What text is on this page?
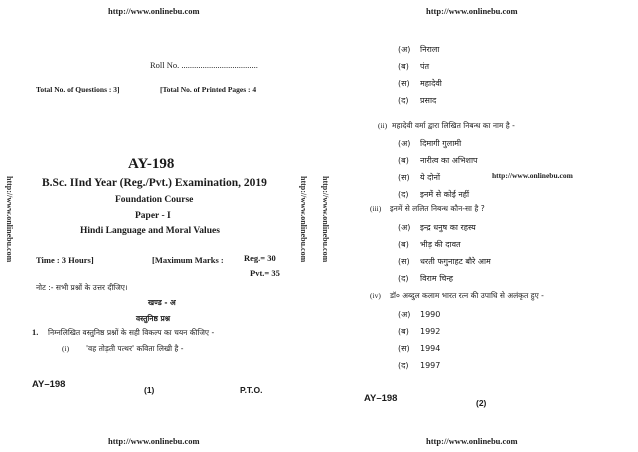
http://www.onlinebu.com
Roll No. ....................................
Total No. of Questions : 3]	[Total No. of Printed Pages : 4
AY-198
B.Sc. IInd Year (Reg./Pvt.) Examination, 2019
Foundation Course
Paper - I
Hindi Language and Moral Values
Time : 3 Hours]	[Maximum Marks : Reg.= 30
Pvt.= 35
नोट :- सभी प्रश्नों के उत्तर दीजिए।
खण्ड - अ
वस्तुनिष्ठ प्रश्न
1. निम्नलिखित वस्तुनिष्ठ प्रश्नों के सही विकल्प का चयन कीजिए -
(i) 'वह तोड़ती पत्थर' कविता लिखी है -
AY–198	(1)	P.T.O.
http://www.onlinebu.com
http://www.onlinebu.com	http://www.onlinebu.com
http://www.onlinebu.com
http://www.onlinebu.com
(अ) निराला
(ब) पंत
(स) महादेवी
(द) प्रसाद
(ii) महादेवी वर्मा द्वारा लिखित निबन्ध का नाम है -
(अ) दिमागी गुलामी
(ब) नारीत्व का अभिशाप
(स) ये दोनों
(द) इनमें से कोई नहीं
http://www.onlinebu.com
(iii) इनमें से ललित निबन्ध कौन-सा है ?
(अ) इन्द्र धनुष का रहस्य
(ब) भीड़ की दावत
(स) धरती फगुनाहट बौरे आम
(द) विराम चिन्ह
(iv) डॉ० अब्दुल कलाम भारत रत्न की उपाधि से अलंकृत हुए -
(अ) 1990
(ब) 1992
(स) 1994
(द) 1997
AY–198	(2)
http://www.onlinebu.com
